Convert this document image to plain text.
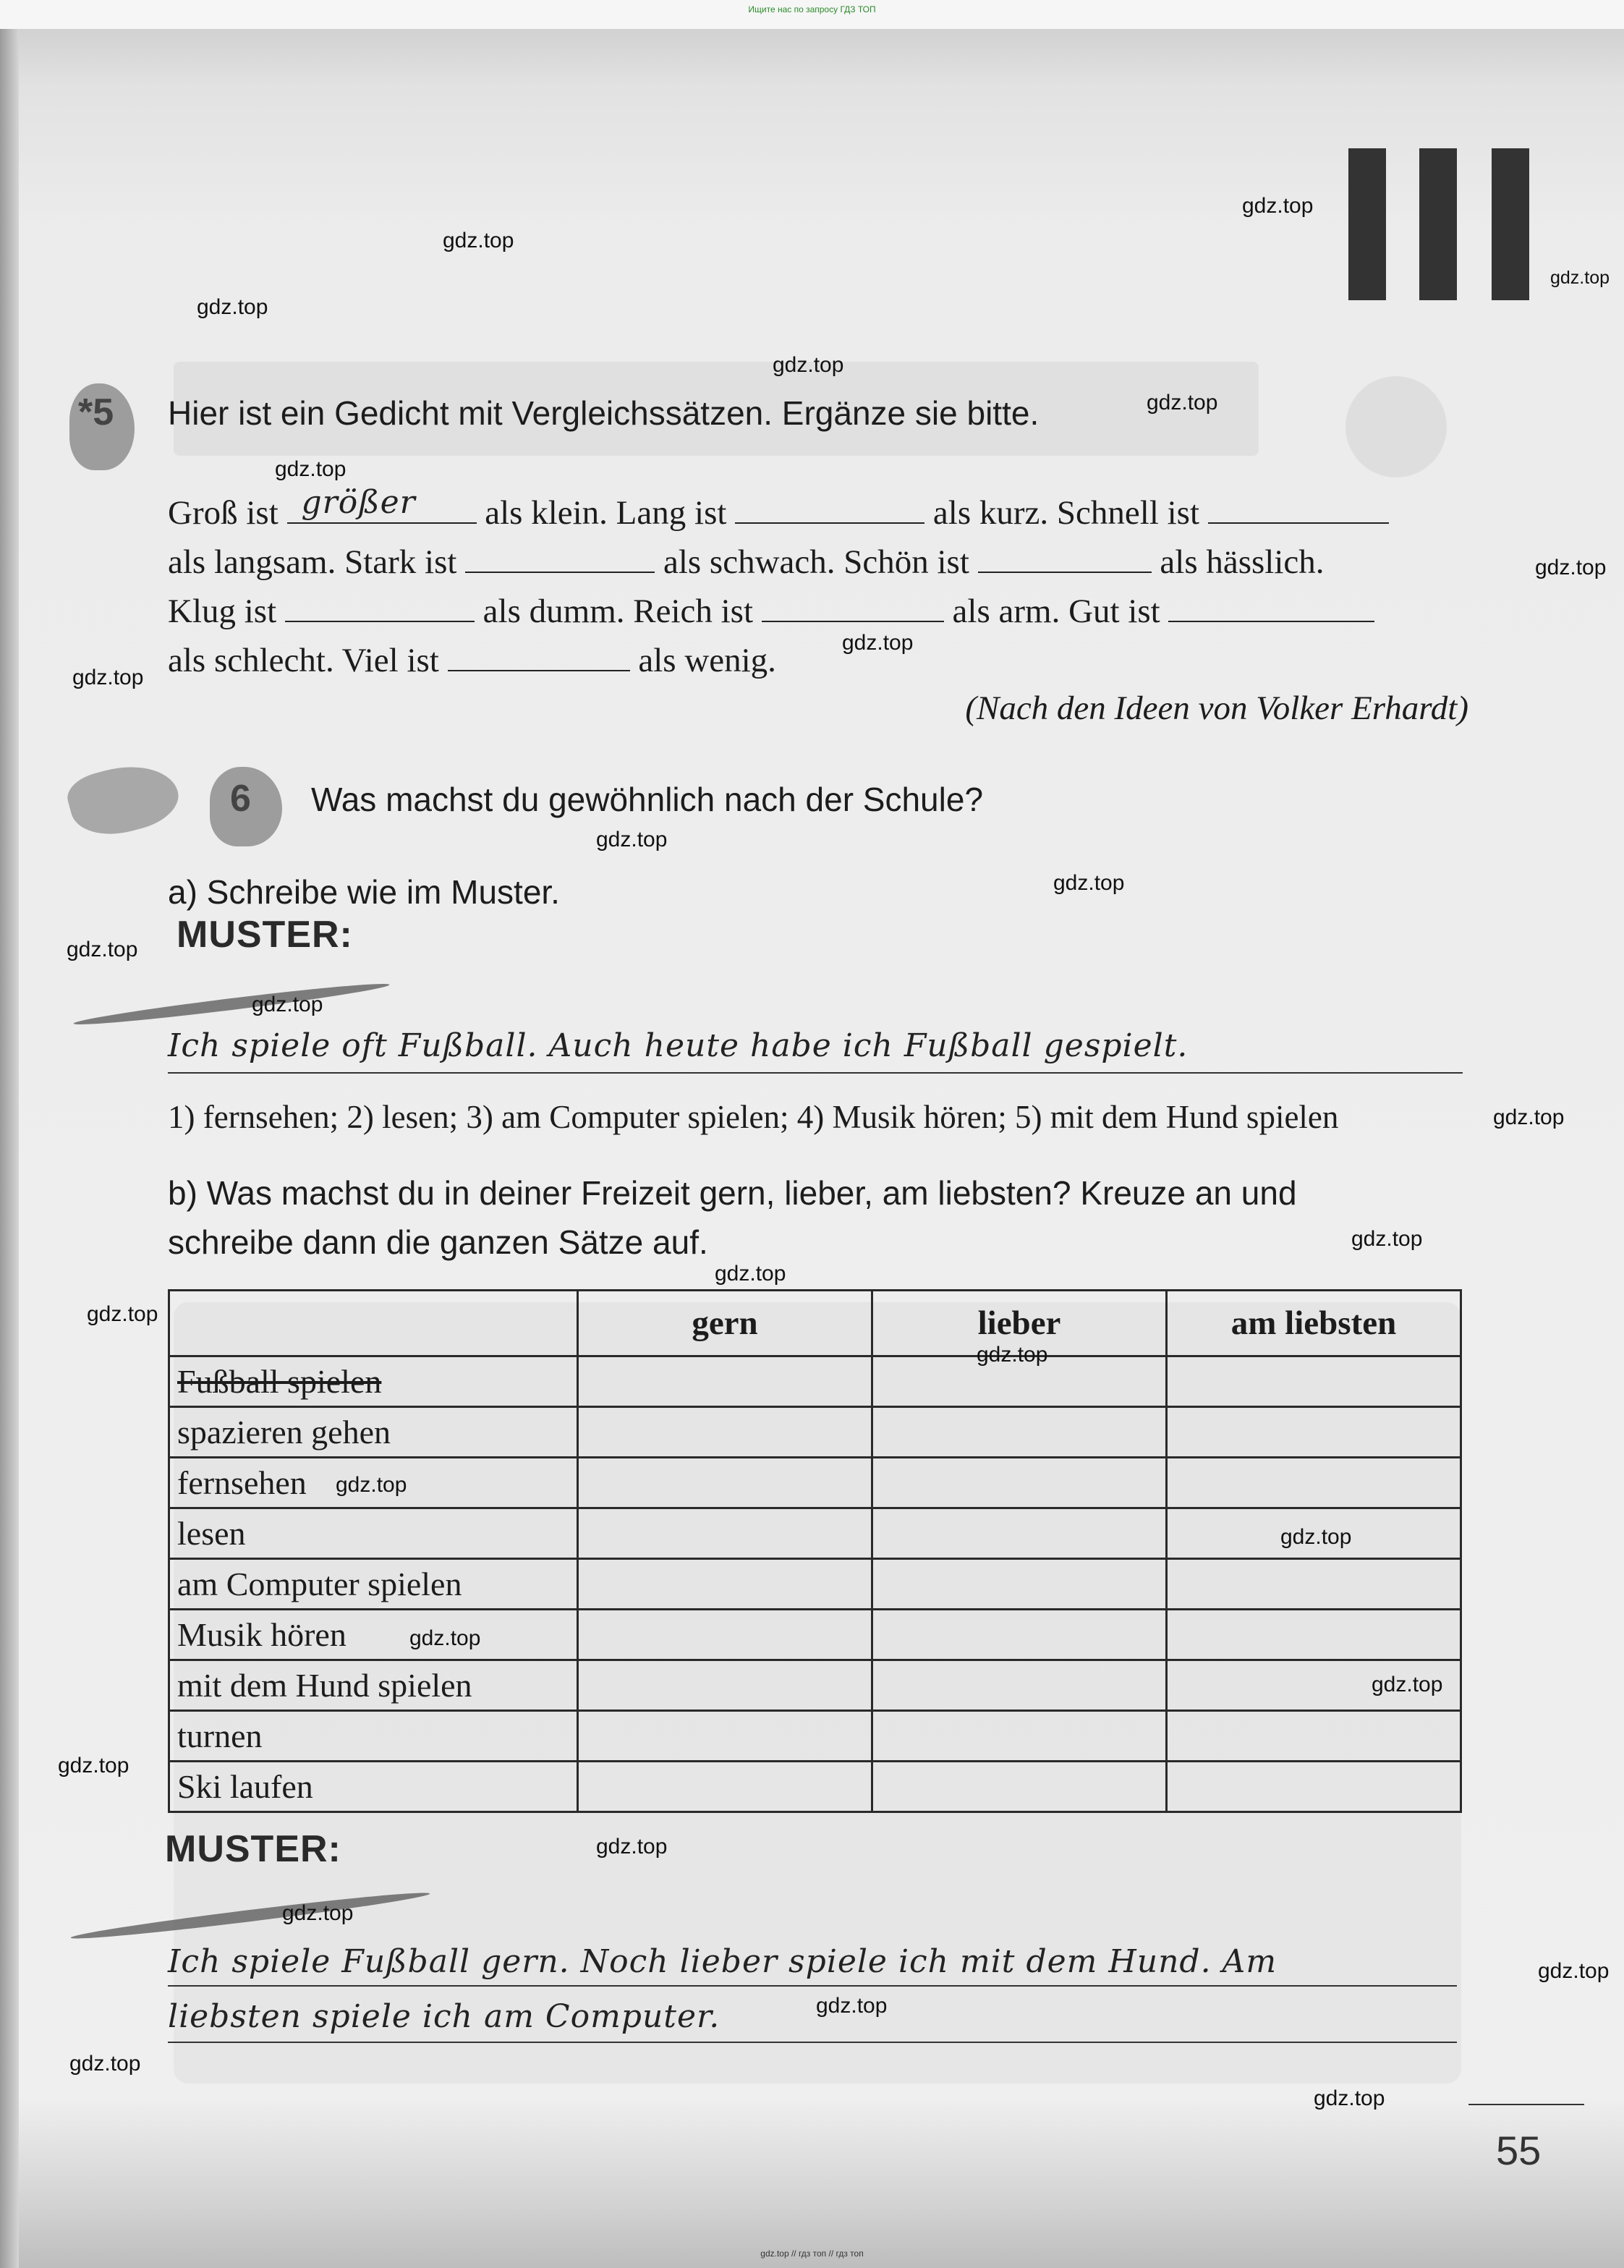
Ищите нас по запросу ГДЗ ТОП
*5 Hier ist ein Gedicht mit Vergleichssätzen. Ergänze sie bitte.
Groß ist größer als klein. Lang ist	als kurz. Schnell ist
als langsam. Stark ist	als schwach. Schön ist	als hässlich.
Klug ist	als dumm. Reich ist	als arm. Gut ist
als schlecht. Viel ist	als wenig.
(Nach den Ideen von Volker Erhardt)
6 Was machst du gewöhnlich nach der Schule?
a) Schreibe wie im Muster.
MUSTER:
Ich spiele oft Fußball. Auch heute habe ich Fußball gespielt.
1) fernsehen; 2) lesen; 3) am Computer spielen; 4) Musik hören; 5) mit dem Hund spielen
b) Was machst du in deiner Freizeit gern, lieber, am liebsten? Kreuze an und
schreibe dann die ganzen Sätze auf.
	gern	lieber	am liebsten
Fußball spielen			
spazieren gehen			
fernsehen			
lesen			
am Computer spielen			
Musik hören			
mit dem Hund spielen			
turnen			
Ski laufen			
MUSTER:
Ich spiele Fußball gern. Noch lieber spiele ich mit dem Hund. Am
liebsten spiele ich am Computer.
55
gdz.top
gdz.top
gdz.top
gdz.top
gdz.top
gdz.top
gdz.top
gdz.top
gdz.top
gdz.top
gdz.top
gdz.top
gdz.top
gdz.top
gdz.top
gdz.top
gdz.top
gdz.top
gdz.top
gdz.top
gdz.top
gdz.top
gdz.top
gdz.top
gdz.top
gdz.top
gdz.top
gdz.top
gdz.top
gdz.top
gdz.top // гдз топ // гдз топ
